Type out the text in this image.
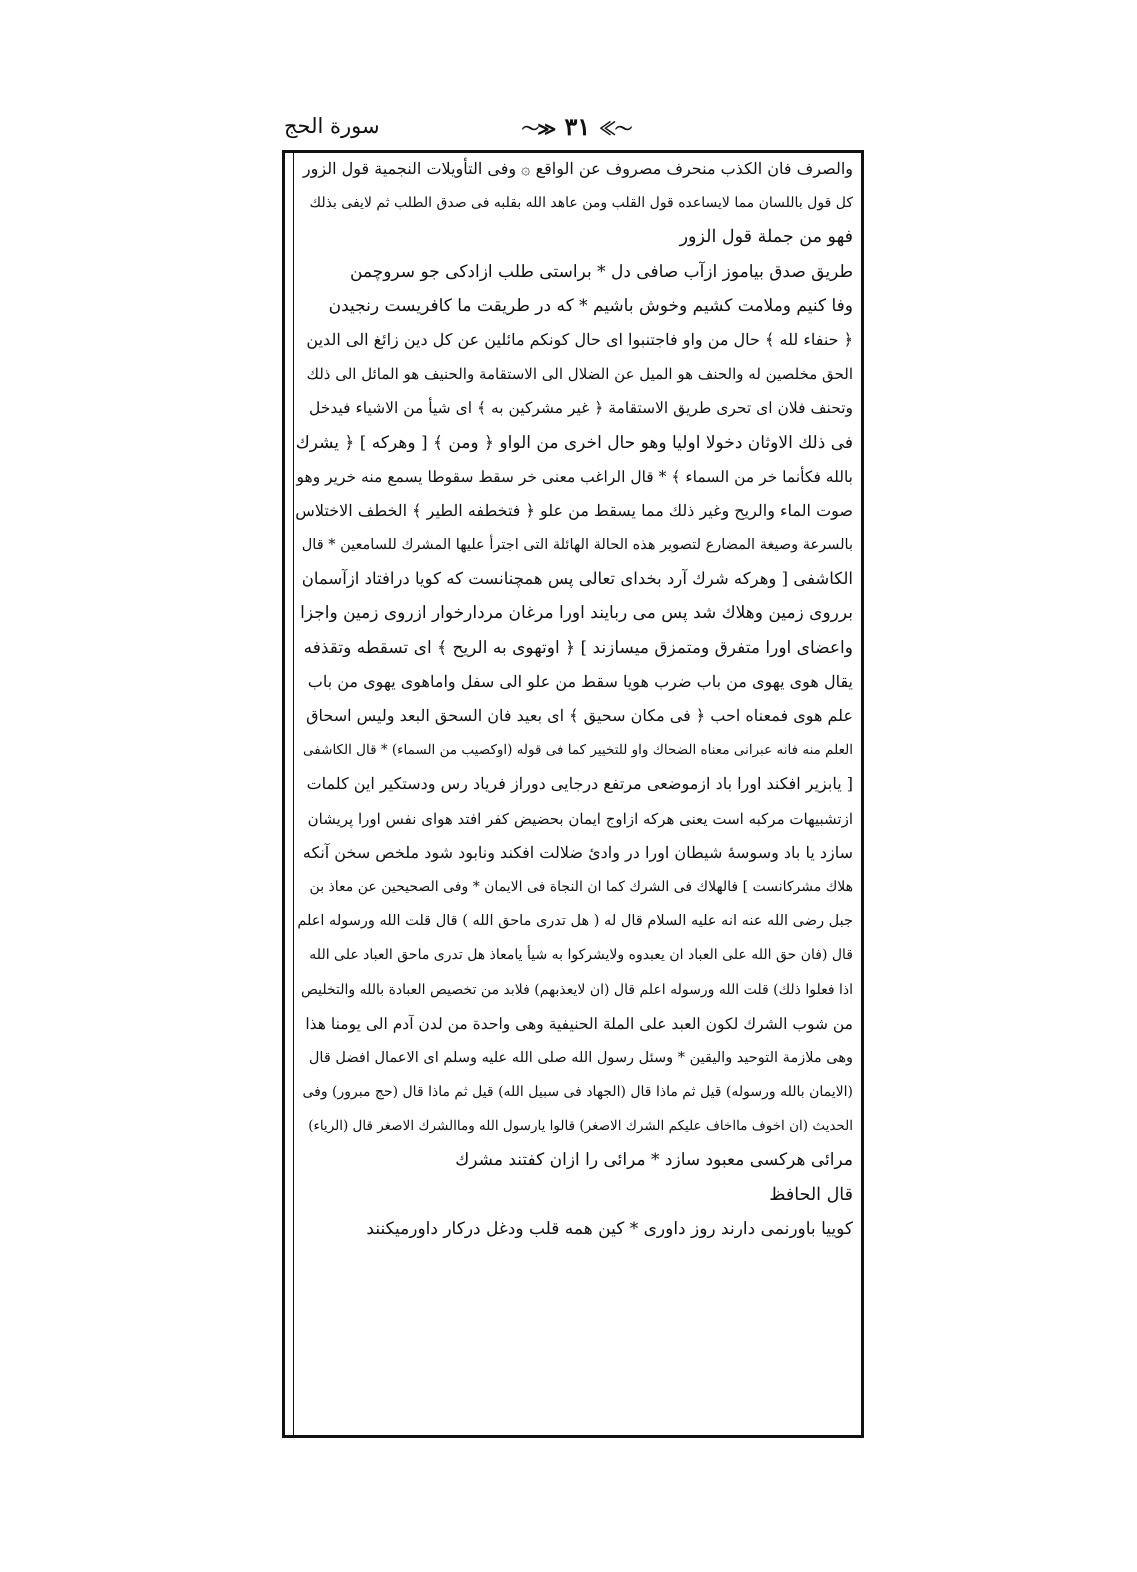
〜≫ ٣١ ≪〜
سورة الحج
والصرف فان الكذب منحرف مصروف عن الواقع ۞ وفى التأويلات النجمية قول الزور
كل قول باللسان مما لايساعده قول القلب ومن عاهد الله بقلبه فى صدق الطلب ثم لايفى بذلك
فهو من جملة قول الزور
طريق صدق بياموز ازآب صافى دل * براستى طلب ازادكى جو سروچمن
وفا كنيم وملامت كشيم وخوش باشيم * كه در طريقت ما كافريست رنجيدن
﴿ حنفاء لله ﴾ حال من واو فاجتنبوا اى حال كونكم مائلين عن كل دين زائغ الى الدين
الحق مخلصين له والحنف هو الميل عن الضلال الى الاستقامة والحنيف هو المائل الى ذلك
وتحنف فلان اى تحرى طريق الاستقامة ﴿ غير مشركين به ﴾ اى شيأ من الاشياء فيدخل
فى ذلك الاوثان دخولا اوليا وهو حال اخرى من الواو ﴿ ومن ﴾ [ وهركه ] ﴿ يشرك
بالله فكأنما خر من السماء ﴾ * قال الراغب معنى خر سقط سقوطا يسمع منه خرير وهو
صوت الماء والريح وغير ذلك مما يسقط من علو ﴿ فتخطفه الطير ﴾ الخطف الاختلاس
بالسرعة وصيغة المضارع لتصوير هذه الحالة الهائلة التى اجترأ عليها المشرك للسامعين * قال
الكاشفى [ وهركه شرك آرد بخداى تعالى پس همچنانست كه كويا درافتاد ازآسمان
برروى زمين وهلاك شد پس مى ربايند اورا مرغان مردارخوار ازروى زمين واجزا
واعضاى اورا متفرق ومتمزق ميسازند ] ﴿ اوتهوى به الريح ﴾ اى تسقطه وتقذفه
يقال هوى يهوى من باب ضرب هويا سقط من علو الى سفل واماهوى يهوى من باب
علم هوى فمعناه احب ﴿ فى مكان سحيق ﴾ اى بعيد فان السحق البعد وليس اسحاق
العلم منه فانه عبرانى معناه الضحاك واو للتخيير كما فى قوله (اوكصيب من السماء) * قال الكاشفى
[ يابزير افكند اورا باد ازموضعى مرتفع درجايى دوراز فرياد رس ودستكير اين كلمات
ازتشبيهات مركبه است يعنى هركه ازاوج ايمان بحضيض كفر افتد هواى نفس اورا پريشان
سازد يا باد وسوسهٔ شيطان اورا در وادئ ضلالت افكند ونابود شود ملخص سخن آنكه
هلاك مشركانست ] فالهلاك فى الشرك كما ان النجاة فى الايمان * وفى الصحيحين عن معاذ بن
جبل رضى الله عنه انه عليه السلام قال له ( هل تدرى ماحق الله ) قال قلت الله ورسوله اعلم
قال (فان حق الله على العباد ان يعبدوه ولايشركوا به شيأ يامعاذ هل تدرى ماحق العباد على الله
اذا فعلوا ذلك) قلت الله ورسوله اعلم قال (ان لايعذبهم) فلابد من تخصيص العبادة بالله والتخليص
من شوب الشرك لكون العبد على الملة الحنيفية وهى واحدة من لدن آدم الى يومنا هذا
وهى ملازمة التوحيد واليقين * وسئل رسول الله صلى الله عليه وسلم اى الاعمال افضل قال
(الايمان بالله ورسوله) قيل ثم ماذا قال (الجهاد فى سبيل الله) قيل ثم ماذا قال (حج مبرور) وفى
الحديث (ان اخوف مااخاف عليكم الشرك الاصغر) قالوا يارسول الله وماالشرك الاصغر قال (الرياء)
مرائى هركسى معبود سازد * مرائى را ازان كفتند مشرك
قال الحافظ
كوييا باورنمى دارند روز داورى * كين همه قلب ودغل دركار داورميكنند
